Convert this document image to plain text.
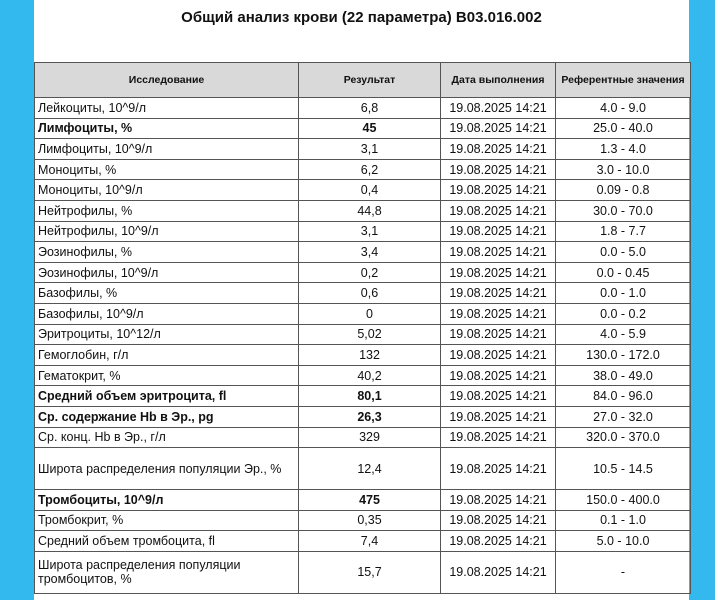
Общий анализ крови (22 параметра) B03.016.002
Исследование	Результат	Дата выполнения	Референтные значения
Лейкоциты, 10^9/л	6,8	19.08.2025 14:21	4.0 - 9.0
Лимфоциты, %	45	19.08.2025 14:21	25.0 - 40.0
Лимфоциты, 10^9/л	3,1	19.08.2025 14:21	1.3 - 4.0
Моноциты, %	6,2	19.08.2025 14:21	3.0 - 10.0
Моноциты, 10^9/л	0,4	19.08.2025 14:21	0.09 - 0.8
Нейтрофилы, %	44,8	19.08.2025 14:21	30.0 - 70.0
Нейтрофилы, 10^9/л	3,1	19.08.2025 14:21	1.8 - 7.7
Эозинофилы, %	3,4	19.08.2025 14:21	0.0 - 5.0
Эозинофилы, 10^9/л	0,2	19.08.2025 14:21	0.0 - 0.45
Базофилы, %	0,6	19.08.2025 14:21	0.0 - 1.0
Базофилы, 10^9/л	0	19.08.2025 14:21	0.0 - 0.2
Эритроциты, 10^12/л	5,02	19.08.2025 14:21	4.0 - 5.9
Гемоглобин, г/л	132	19.08.2025 14:21	130.0 - 172.0
Гематокрит, %	40,2	19.08.2025 14:21	38.0 - 49.0
Средний объем эритроцита, fl	80,1	19.08.2025 14:21	84.0 - 96.0
Ср. содержание Hb в Эр., pg	26,3	19.08.2025 14:21	27.0 - 32.0
Ср. конц. Hb в Эр., г/л	329	19.08.2025 14:21	320.0 - 370.0
Широта распределения популяции Эр., %	12,4	19.08.2025 14:21	10.5 - 14.5
Тромбоциты, 10^9/л	475	19.08.2025 14:21	150.0 - 400.0
Тромбокрит, %	0,35	19.08.2025 14:21	0.1 - 1.0
Средний объем тромбоцита, fl	7,4	19.08.2025 14:21	5.0 - 10.0
Широта распределения популяции тромбоцитов, %	15,7	19.08.2025 14:21	-
